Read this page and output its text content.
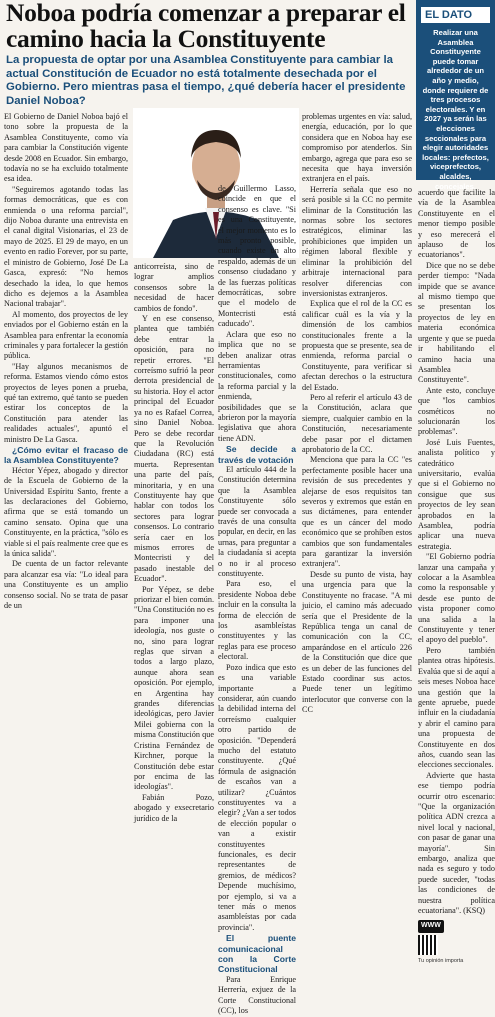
Noboa podría comenzar a preparar el camino hacia la Constituyente

La propuesta de optar por una Asamblea Constituyente para cambiar la actual Constitución de Ecuador no está totalmente desechada por el Gobierno. Pero mientras pasa el tiempo, ¿qué debería hacer el presidente Daniel Noboa?

EL DATO
Realizar una Asamblea Constituyente puede tomar alrededor de un año y medio, donde requiere de tres procesos electorales. Y en 2027 ya serán las elecciones seccionales para elegir autoridades locales: prefectos, viceprefectos, alcaldes, concejales.

El Gobierno de Daniel Noboa bajó el tono sobre la propuesta de la Asamblea Constituyente, como vía para cambiar la Constitución vigente desde 2008 en Ecuador. Sin embargo, todavía no se ha excluido totalmente esa idea.

"Seguiremos agotando todas las formas democráticas, que es con enmienda o una reforma parcial", dijo Noboa durante una entrevista en el canal digital Visionarias, el 23 de mayo de 2025. El 29 de mayo, en un evento en radio Forever, por su parte, el ministro de Gobierno, José De La Gasca, expresó: "No hemos desechado la idea, lo que hemos dicho es dejemos a la Asamblea Nacional trabajar".

Al momento, dos proyectos de ley enviados por el Gobierno están en la Asamblea para enfrentar la economía criminales y para fortalecer la gestión pública.

"Hay algunos mecanismos de reforma. Estamos viendo cómo estos proyectos de leyes ponen a prueba, qué tan extremo, qué tanto se pueden estirar los conceptos de la Constitución para atender las realidades actuales", apuntó el ministro De La Gasca.

¿Cómo evitar el fracaso de la Asamblea Constituyente?

Héctor Yépez, abogado y director de la Escuela de Gobierno de la Universidad Espíritu Santo, frente a las declaraciones del Gobierno, afirma que se está tomando un camino sensato. Opina que una Constituyente, en la práctica, "sólo es viable si el país realmente cree que es la única salida".

De cuenta de un factor relevante para alcanzar esa vía: "Lo ideal para una Constituyente es un amplio consenso social. No se trata de pasar de un

anticorreísta, sino de lograr amplios consensos sobre la necesidad de hacer cambios de fondo".

Y en ese consenso, plantea que también debe entrar la oposición, para no repetir errores. "El correísmo sufrió la peor derrota presidencial de su historia. Hoy el actor principal del Ecuador ya no es Rafael Correa, sino Daniel Noboa. Pero se debe recordar que la Revolución Ciudadana (RC) está muerta. Representan una parte del país, minoritaria, y en una Constituyente hay que hablar con todos los sectores para lograr consensos. Lo contrario sería caer en los mismos errores de Montecristi y del pasado inestable del Ecuador".

Por Yépez, se debe priorizar el bien común. "Una Constitución no es para imponer una ideología, nos guste o no, sino para lograr reglas que sirvan a todos a largo plazo, aunque ahora sean oposición. Por ejemplo, en Argentina hay grandes diferencias ideológicas, pero Javier Milei gobierna con la misma Constitución que Cristina Fernández de Kirchner, porque la Constitución debe estar por encima de las ideologías".

Fabián Pozo, abogado y exsecretario jurídico de la

de Guillermo Lasso, coincide en que el consenso es clave. "Si es una Constituyente, el mejor momento es lo más pronto posible, cuando existe un alto respaldo, además de un consenso ciudadano y de las fuerzas políticas democráticas, sobre que el modelo de Montecristi está caducado".

Aclara que eso no implica que no se deben analizar otras herramientas constitucionales, como la reforma parcial y la enmienda, posibilidades que se abrieron por la mayoría legislativa que ahora tiene ADN.

Se decide a través de votación

El artículo 444 de la Constitución determina que la Asamblea Constituyente sólo puede ser convocada a través de una consulta popular, en decir, en las urnas, para preguntar a la ciudadanía si acepta o no ir al proceso constituyente.

Para eso, el presidente Noboa debe incluir en la consulta la forma de elección de los asambleístas constituyentes y las reglas para ese proceso electoral.

Pozo indica que esto es una variable importante a considerar, aún cuando la debilidad interna del correísmo cualquier otro partido de oposición. "Dependerá mucho del estatuto constituyente. ¿Qué fórmula de asignación de escaños van a utilizar? ¿Cuántos constituyentes va a elegir? ¿Van a ser todos de elección popular o van a existir constituyentes funcionales, es decir representantes de gremios, de médicos? Depende muchísimo, por ejemplo, si va a tener más o menos asambleístas por cada provincia".

El puente comunicacional con la Corte Constitucional

Para Enrique Herrería, exjuez de la Corte Constitucional (CC), los

problemas urgentes en vía: salud, energía, educación, por lo que considera que en Noboa hay ese compromiso por atenderlos. Sin embargo, agrega que para eso se necesita que haya inversión extranjera en el país.

Herrería señala que eso no será posible si la CC no permite eliminar de la Constitución las normas sobre los sectores estratégicos, eliminar las prohibiciones que impiden un régimen laboral flexible y eliminar la prohibición del arbitraje internacional para resolver diferencias con inversionistas extranjeros.

Explica que el rol de la CC es calificar cuál es la vía y la dimensión de los cambios constitucionales frente a la propuesta que se presente, sea de enmienda, reforma parcial o Constituyente, para verificar si afectan derechos o la estructura del Estado.

Pero al referir el artículo 43 de la Constitución, aclara que siempre, cualquier cambio en la Constitución, necesariamente debe pasar por el dictamen aprobatorio de la CC.

Menciona que para la CC "es perfectamente posible hacer una revisión de sus precedentes y alejarse de esos requisitos tan severos y extremos que están en sus dictámenes, para entender que es un cáncer del modo económico que se prohíben estos cambios que son fundamentales para garantizar la inversión extranjera".

Desde su punto de vista, hay una urgencia para que la Constituyente no fracase. "A mi juicio, el camino más adecuado sería que el Presidente de la República tenga un canal de comunicación con la CC, amparándose en el artículo 226 de la Constitución que dice que es un deber de las funciones del Estado coordinar sus actos. Puede tener un legítimo interlocutor que converse con la CC

acuerdo que facilite la vía de la Asamblea Constituyente en el menor tiempo posible y eso merecerá el aplauso de los ecuatorianos".

Dice que no se debe perder tiempo: "Nada impide que se avance al mismo tiempo que se presentan los proyectos de ley en materia económica urgente y que se pueda ir habilitando el camino hacia una Asamblea Constituyente".

Ante esto, concluye que "los cambios cosméticos no solucionarán los problemas".

José Luis Fuentes, analista político y catedrático universitario, evalúa que si el Gobierno no consigue que sus proyectos de ley sean aprobados en la Asamblea, podría aplicar una nueva estrategia.

"El Gobierno podría lanzar una campaña y colocar a la Asamblea como la responsable y desde ese punto de vista proponer como una salida a la Constituyente y tener el apoyo del pueblo".

Pero también plantea otras hipótesis. Evalúa que si de aquí a seis meses Noboa hace una gestión que la gente apruebe, puede influir en la ciudadanía y abrir el camino para una propuesta de Constituyente en dos años, cuando sean las elecciones seccionales.

Advierte que hasta ese tiempo podría ocurrir otro escenario: "Que la organización política ADN crezca a nivel local y nacional, con pasar de ganar una mayoría". Sin embargo, analiza que nada es seguro y todo puede suceder, "todas las condiciones de nuestra política ecuatoriana". (KSQ)

WWW
Tu opinión importa
